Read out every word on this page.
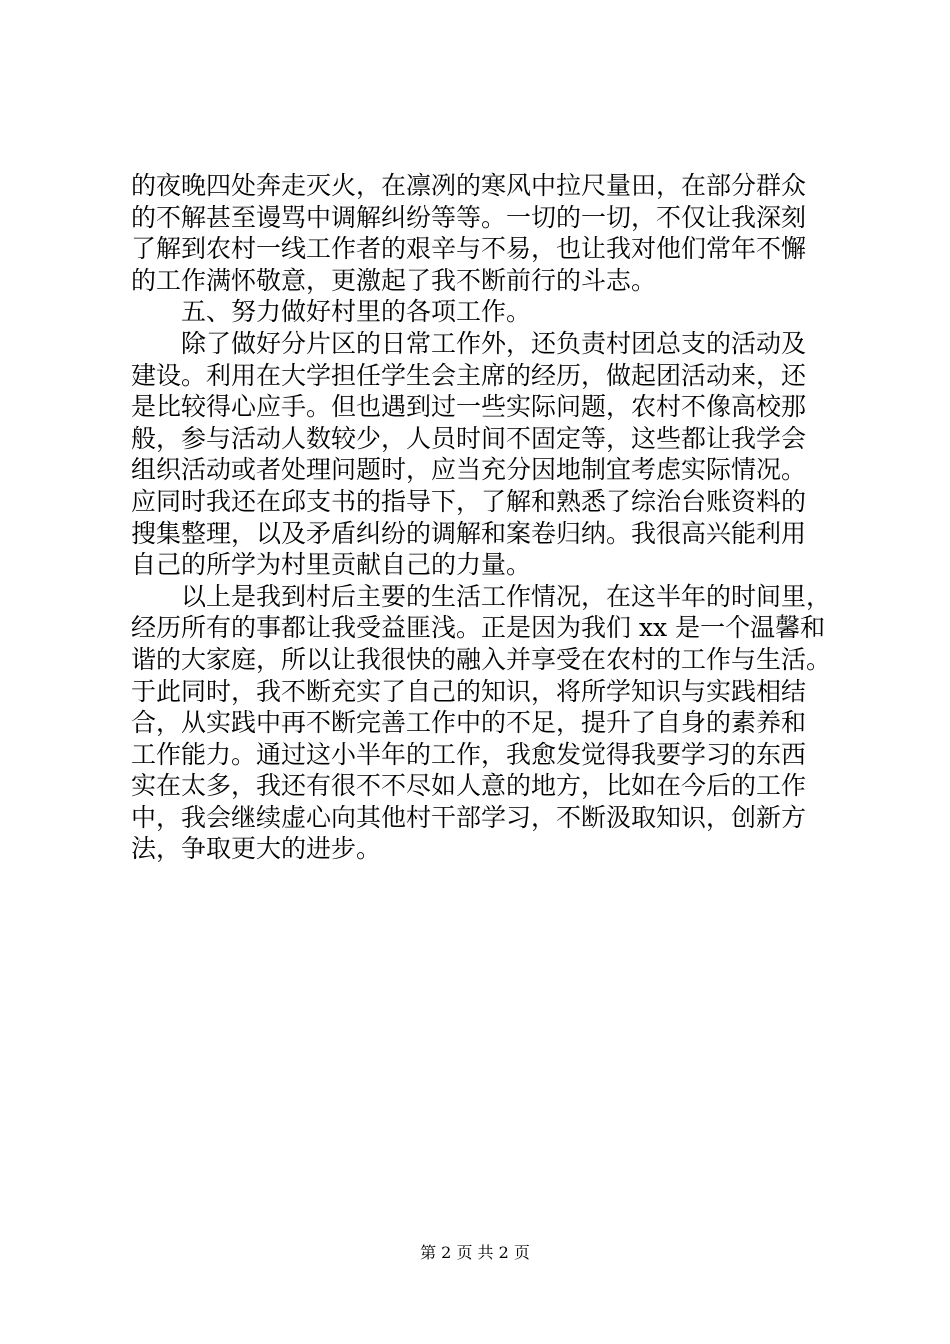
的夜晚四处奔走灭火，在凛冽的寒风中拉尺量田，在部分群众
的不解甚至谩骂中调解纠纷等等。一切的一切，不仅让我深刻
了解到农村一线工作者的艰辛与不易，也让我对他们常年不懈
的工作满怀敬意，更激起了我不断前行的斗志。
　　五、努力做好村里的各项工作。
　　除了做好分片区的日常工作外，还负责村团总支的活动及
建设。利用在大学担任学生会主席的经历，做起团活动来，还
是比较得心应手。但也遇到过一些实际问题，农村不像高校那
般，参与活动人数较少，人员时间不固定等，这些都让我学会
组织活动或者处理问题时，应当充分因地制宜考虑实际情况。
应同时我还在邱支书的指导下，了解和熟悉了综治台账资料的
搜集整理，以及矛盾纠纷的调解和案卷归纳。我很高兴能利用
自己的所学为村里贡献自己的力量。
　　以上是我到村后主要的生活工作情况，在这半年的时间里，
经历所有的事都让我受益匪浅。正是因为我们 xx 是一个温馨和
谐的大家庭，所以让我很快的融入并享受在农村的工作与生活。
于此同时，我不断充实了自己的知识，将所学知识与实践相结
合，从实践中再不断完善工作中的不足，提升了自身的素养和
工作能力。通过这小半年的工作，我愈发觉得我要学习的东西
实在太多，我还有很不不尽如人意的地方，比如在今后的工作
中，我会继续虚心向其他村干部学习，不断汲取知识，创新方
法，争取更大的进步。
第 2 页 共 2 页
